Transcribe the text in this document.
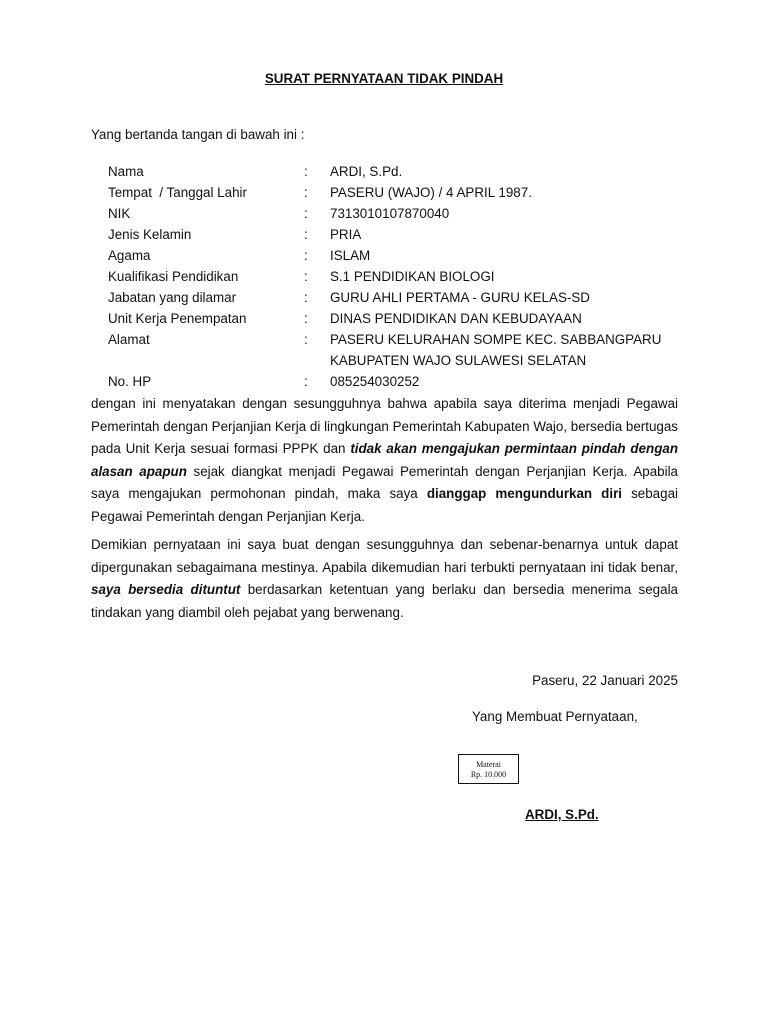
SURAT PERNYATAAN TIDAK PINDAH
Yang bertanda tangan di bawah ini :
Nama	:	ARDI, S.Pd.
Tempat  / Tanggal Lahir	:	PASERU (WAJO) / 4 APRIL 1987.
NIK	:	7313010107870040
Jenis Kelamin	:	PRIA
Agama	:	ISLAM
Kualifikasi Pendidikan	:	S.1 PENDIDIKAN BIOLOGI
Jabatan yang dilamar	:	GURU AHLI PERTAMA - GURU KELAS-SD
Unit Kerja Penempatan	:	DINAS PENDIDIKAN DAN KEBUDAYAAN
Alamat	:	PASERU KELURAHAN SOMPE KEC. SABBANGPARU KABUPATEN WAJO SULAWESI SELATAN
No. HP	:	085254030252

dengan ini menyatakan dengan sesungguhnya bahwa apabila saya diterima menjadi Pegawai Pemerintah dengan Perjanjian Kerja di lingkungan Pemerintah Kabupaten Wajo, bersedia bertugas pada Unit Kerja sesuai formasi PPPK dan tidak akan mengajukan permintaan pindah dengan alasan apapun sejak diangkat menjadi Pegawai Pemerintah dengan Perjanjian Kerja. Apabila saya mengajukan permohonan pindah, maka saya dianggap mengundurkan diri sebagai Pegawai Pemerintah dengan Perjanjian Kerja.

Demikian pernyataan ini saya buat dengan sesungguhnya dan sebenar-benarnya untuk dapat dipergunakan sebagaimana mestinya. Apabila dikemudian hari terbukti pernyataan ini tidak benar, saya bersedia dituntut berdasarkan ketentuan yang berlaku dan bersedia menerima segala tindakan yang diambil oleh pejabat yang berwenang.

Paseru, 22 Januari 2025
Yang Membuat Pernyataan,
Materai
Rp. 10.000
ARDI, S.Pd.
